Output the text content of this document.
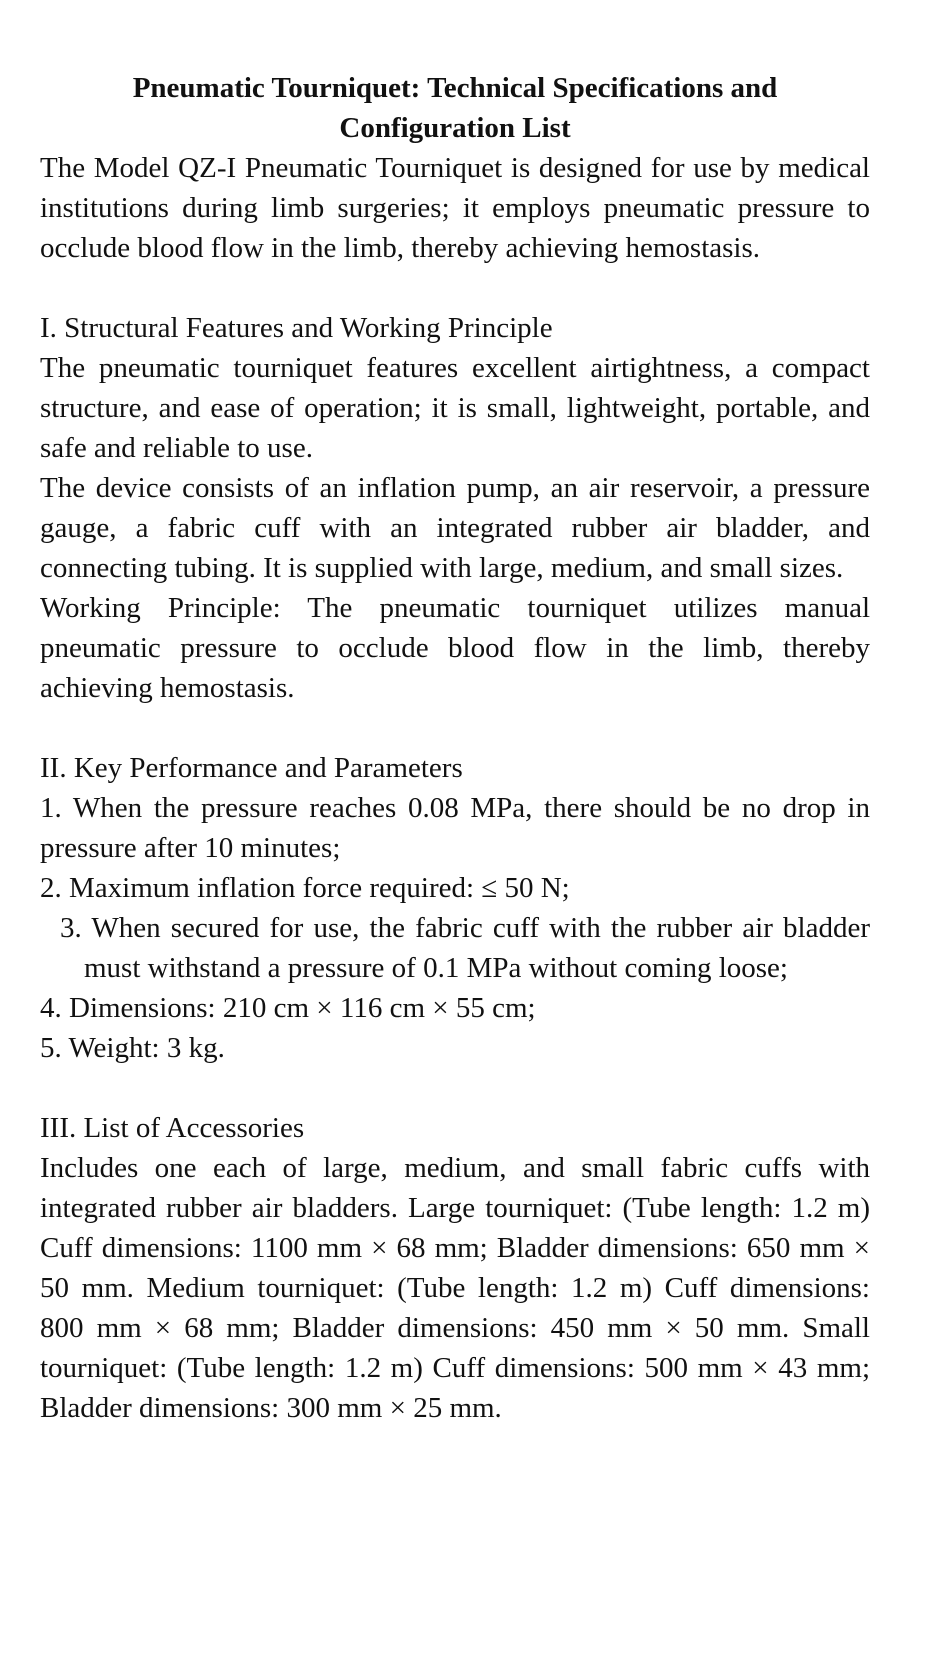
Pneumatic Tourniquet: Technical Specifications and Configuration List

The Model QZ-I Pneumatic Tourniquet is designed for use by medical institutions during limb surgeries; it employs pneumatic pressure to occlude blood flow in the limb, thereby achieving hemostasis.

I. Structural Features and Working Principle

The pneumatic tourniquet features excellent airtightness, a compact structure, and ease of operation; it is small, lightweight, portable, and safe and reliable to use.

The device consists of an inflation pump, an air reservoir, a pressure gauge, a fabric cuff with an integrated rubber air bladder, and connecting tubing. It is supplied with large, medium, and small sizes.

Working Principle: The pneumatic tourniquet utilizes manual pneumatic pressure to occlude blood flow in the limb, thereby achieving hemostasis.

II. Key Performance and Parameters

1. When the pressure reaches 0.08 MPa, there should be no drop in pressure after 10 minutes;

2. Maximum inflation force required: ≤ 50 N;

3. When secured for use, the fabric cuff with the rubber air bladder must withstand a pressure of 0.1 MPa without coming loose;

4. Dimensions: 210 cm × 116 cm × 55 cm;

5. Weight: 3 kg.

III. List of Accessories

Includes one each of large, medium, and small fabric cuffs with integrated rubber air bladders. Large tourniquet: (Tube length: 1.2 m) Cuff dimensions: 1100 mm × 68 mm; Bladder dimensions: 650 mm × 50 mm. Medium tourniquet: (Tube length: 1.2 m) Cuff dimensions: 800 mm × 68 mm; Bladder dimensions: 450 mm × 50 mm. Small tourniquet: (Tube length: 1.2 m) Cuff dimensions: 500 mm × 43 mm; Bladder dimensions: 300 mm × 25 mm.
